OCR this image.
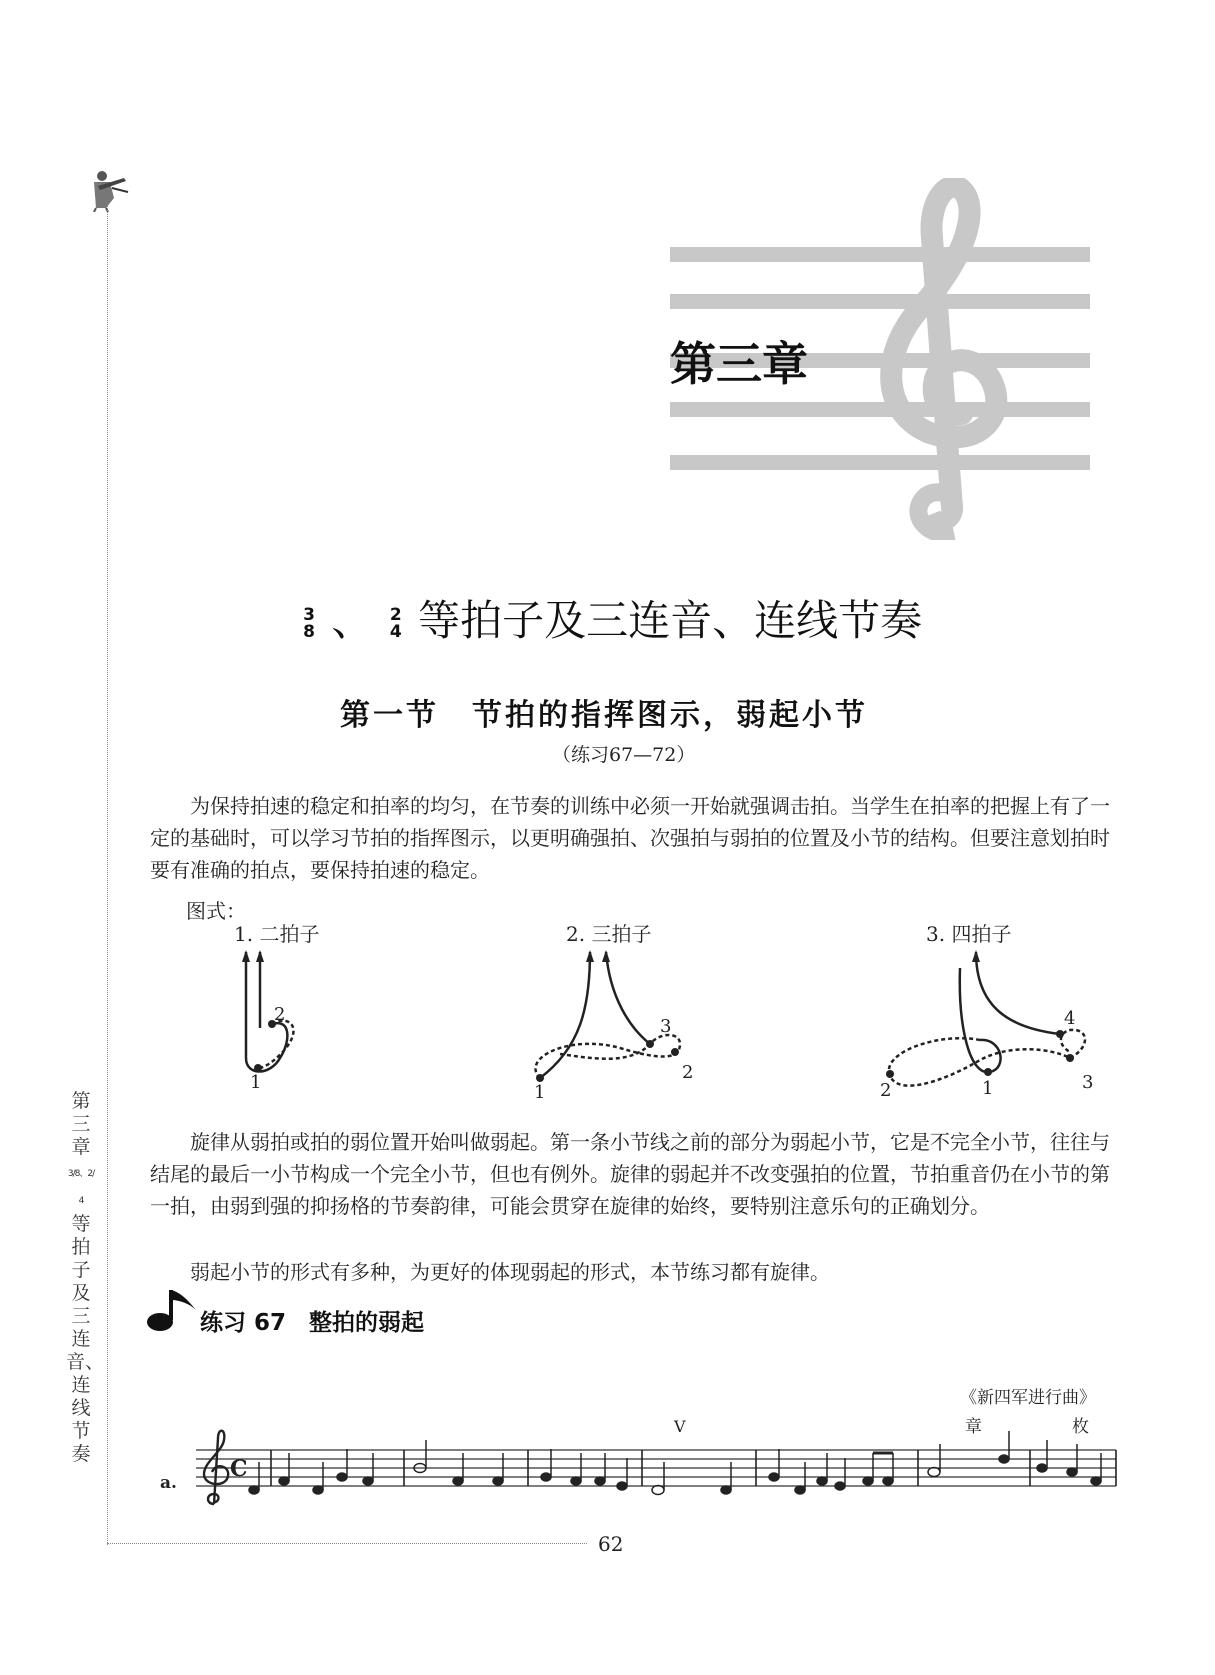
第三章
3/8、2/4
等拍子及三连音、连线节奏
第三章
3
8 、 2
4 等拍子及三连音、连线节奏
第一节　节拍的指挥图示，弱起小节
（练习67—72）
为保持拍速的稳定和拍率的均匀，在节奏的训练中必须一开始就强调击拍。当学生在拍率的把握上有了一定的基础时，可以学习节拍的指挥图示，以更明确强拍、次强拍与弱拍的位置及小节的结构。但要注意划拍时要有准确的拍点，要保持拍速的稳定。
图式：
1. 二拍子	2. 三拍子	3. 四拍子
1
2
1
2
3
2	1	3
4
旋律从弱拍或拍的弱位置开始叫做弱起。第一条小节线之前的部分为弱起小节，它是不完全小节，往往与结尾的最后一小节构成一个完全小节，但也有例外。旋律的弱起并不改变强拍的位置，节拍重音仍在小节的第一拍，由弱到强的抑扬格的节奏韵律，可能会贯穿在旋律的始终，要特别注意乐句的正确划分。
弱起小节的形式有多种，为更好的体现弱起的形式，本节练习都有旋律。
练习 67　整拍的弱起
《新四军进行曲》
章	枚
a.
C
V
62
